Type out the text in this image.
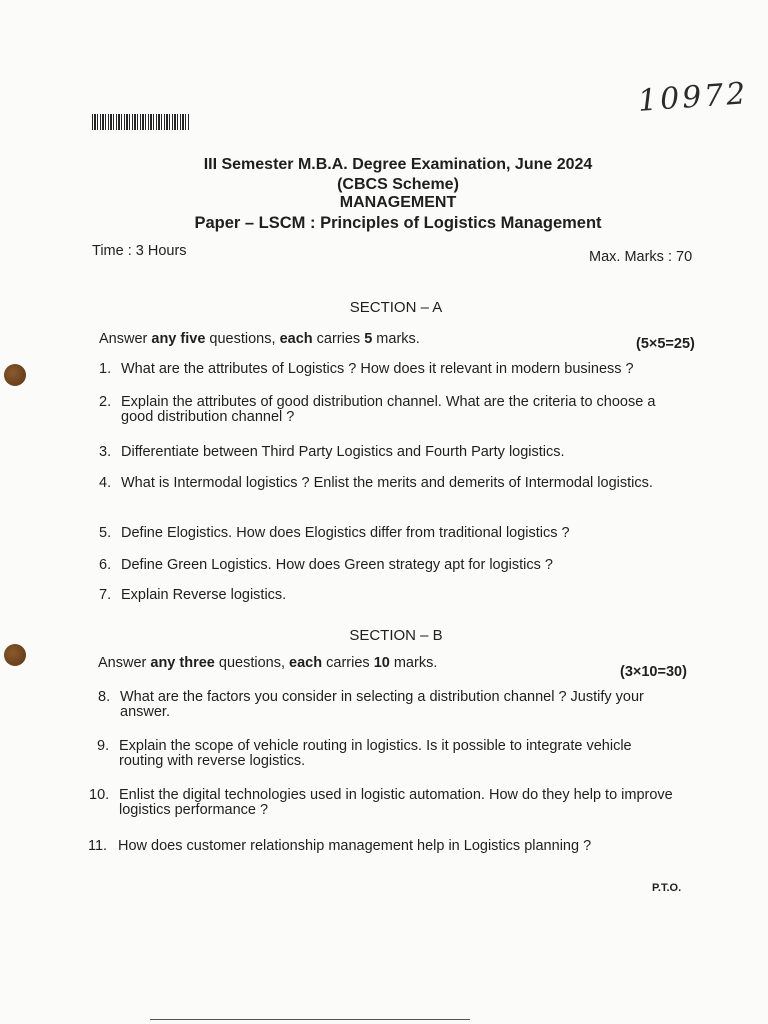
10972
III Semester M.B.A. Degree Examination, June 2024
(CBCS Scheme)
MANAGEMENT
Paper – LSCM : Principles of Logistics Management
Time : 3 Hours	Max. Marks : 70
SECTION – A
Answer any five questions, each carries 5 marks.	(5×5=25)
1. What are the attributes of Logistics ? How does it relevant in modern business ?
2. Explain the attributes of good distribution channel. What are the criteria to choose a good distribution channel ?
3. Differentiate between Third Party Logistics and Fourth Party logistics.
4. What is Intermodal logistics ? Enlist the merits and demerits of Intermodal logistics.
5. Define Elogistics. How does Elogistics differ from traditional logistics ?
6. Define Green Logistics. How does Green strategy apt for logistics ?
7. Explain Reverse logistics.
SECTION – B
Answer any three questions, each carries 10 marks.
(3×10=30)
8. What are the factors you consider in selecting a distribution channel ? Justify your answer.
9. Explain the scope of vehicle routing in logistics. Is it possible to integrate vehicle routing with reverse logistics.
10. Enlist the digital technologies used in logistic automation. How do they help to improve logistics performance ?
11. How does customer relationship management help in Logistics planning ?
P.T.O.
